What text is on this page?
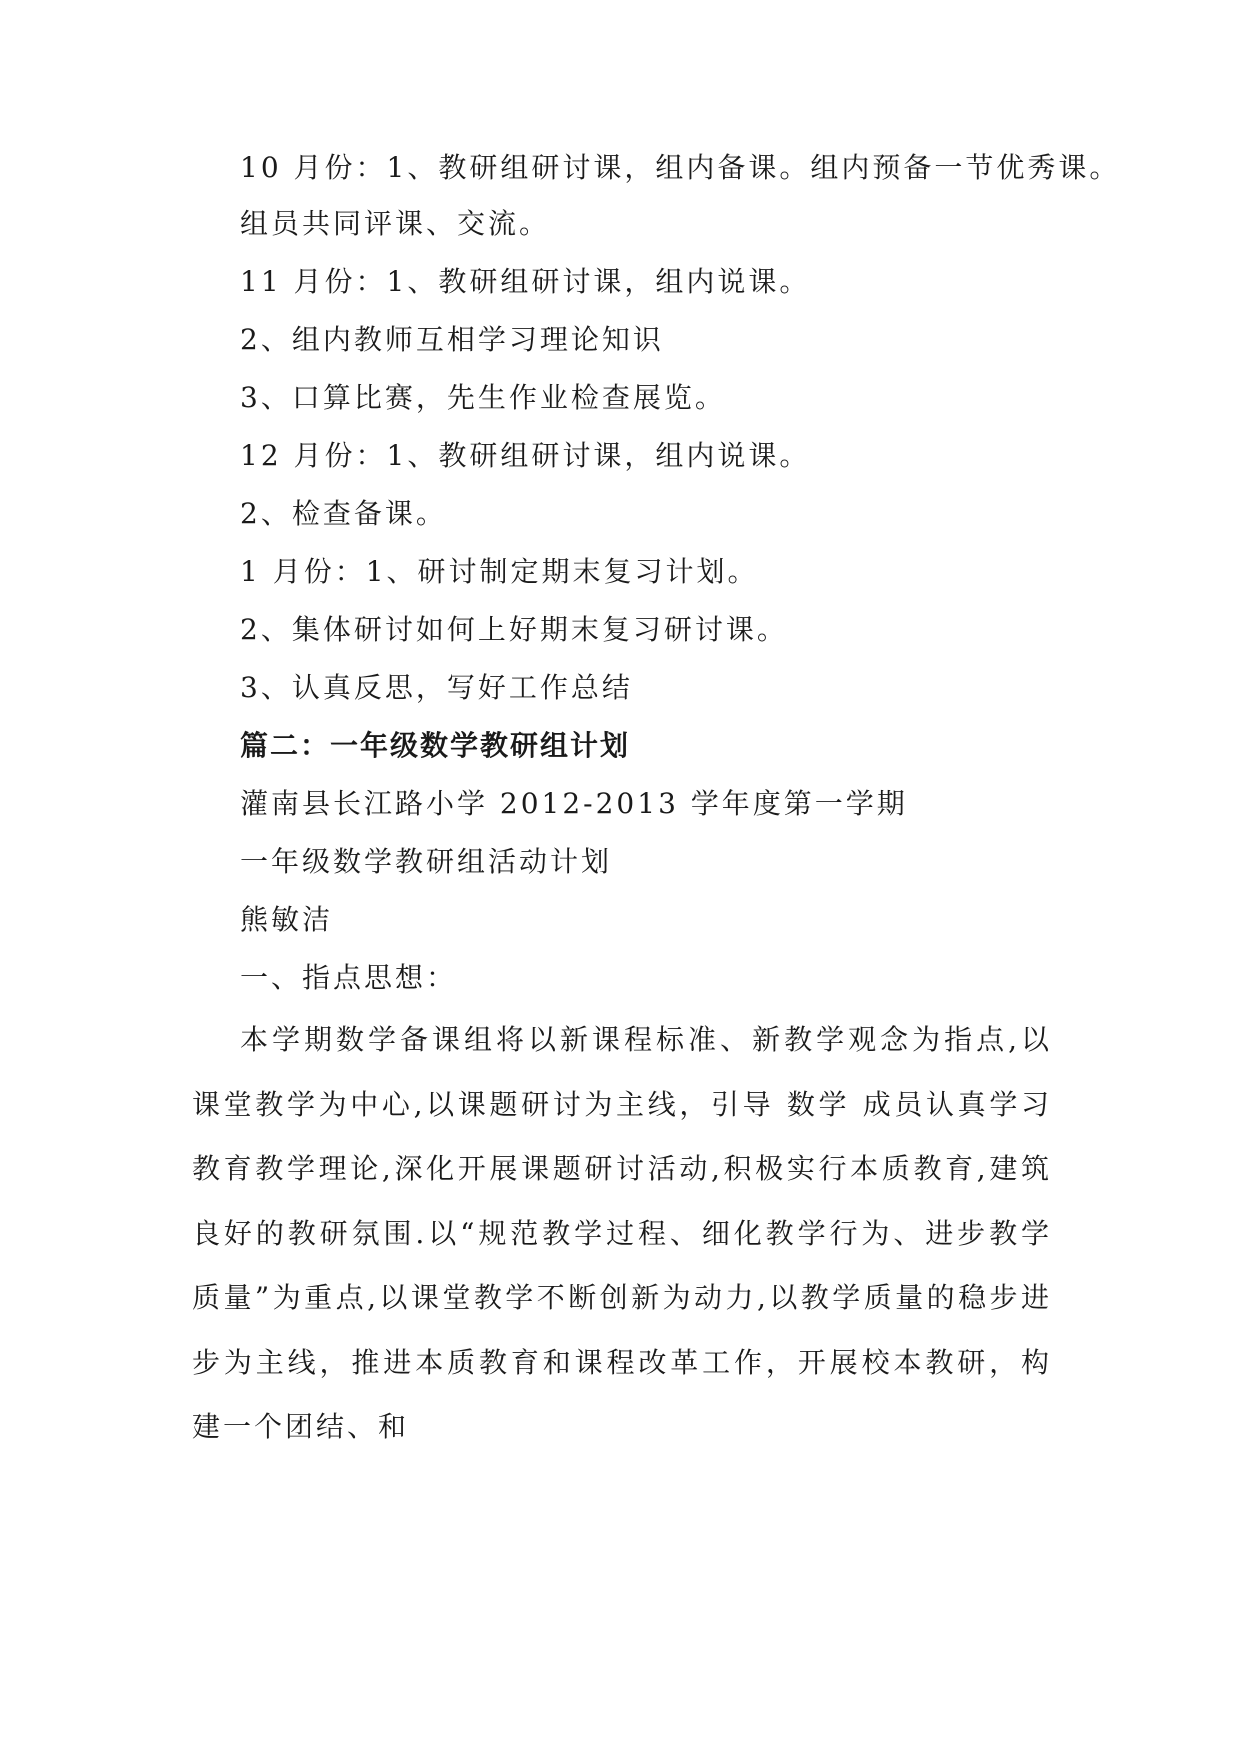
10 月份：1、教研组研讨课，组内备课。组内预备一节优秀课。
组员共同评课、交流。
11 月份：1、教研组研讨课，组内说课。
2、组内教师互相学习理论知识
3、口算比赛，先生作业检查展览。
12 月份：1、教研组研讨课，组内说课。
2、检查备课。
1 月份：1、研讨制定期末复习计划。
2、集体研讨如何上好期末复习研讨课。
3、认真反思，写好工作总结
篇二：一年级数学教研组计划
灌南县长江路小学 2012-2013 学年度第一学期
一年级数学教研组活动计划
熊敏洁
一、指点思想：

本学期数学备课组将以新课程标准、新教学观念为指点,以课堂教学为中心,以课题研讨为主线，引导 数学 成员认真学习教育教学理论,深化开展课题研讨活动,积极实行本质教育,建筑良好的教研氛围.以“规范教学过程、细化教学行为、进步教学质量”为重点,以课堂教学不断创新为动力,以教学质量的稳步进步为主线，推进本质教育和课程改革工作，开展校本教研，构建一个团结、和
